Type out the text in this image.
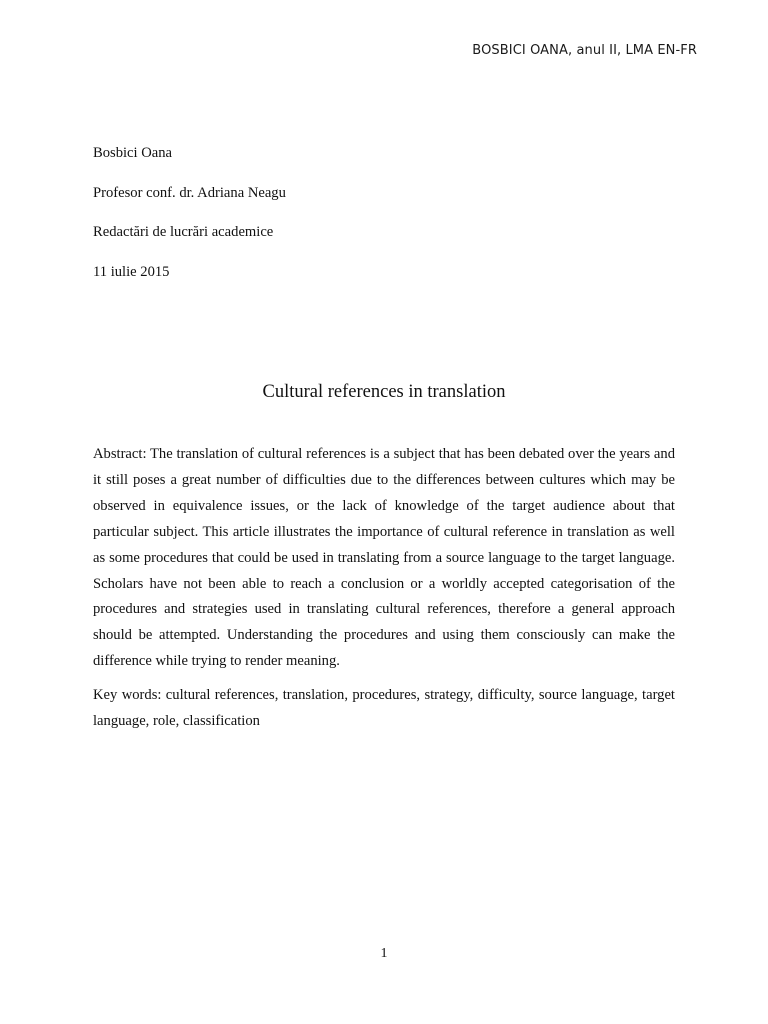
BOSBICI OANA, anul II, LMA EN-FR
Bosbici Oana
Profesor conf. dr. Adriana Neagu
Redactări de lucrări academice
11 iulie 2015
Cultural references in translation

Abstract: The translation of cultural references is a subject that has been debated over the years and it still poses a great number of difficulties due to the differences between cultures which may be observed in equivalence issues, or the lack of knowledge of the target audience about that particular subject. This article illustrates the importance of cultural reference in translation as well as some procedures that could be used in translating from a source language to the target language. Scholars have not been able to reach a conclusion or a worldly accepted categorisation of the procedures and strategies used in translating cultural references, therefore a general approach should be attempted. Understanding the procedures and using them consciously can make the difference while trying to render meaning.

Key words: cultural references, translation, procedures, strategy, difficulty, source language, target language, role, classification

1
